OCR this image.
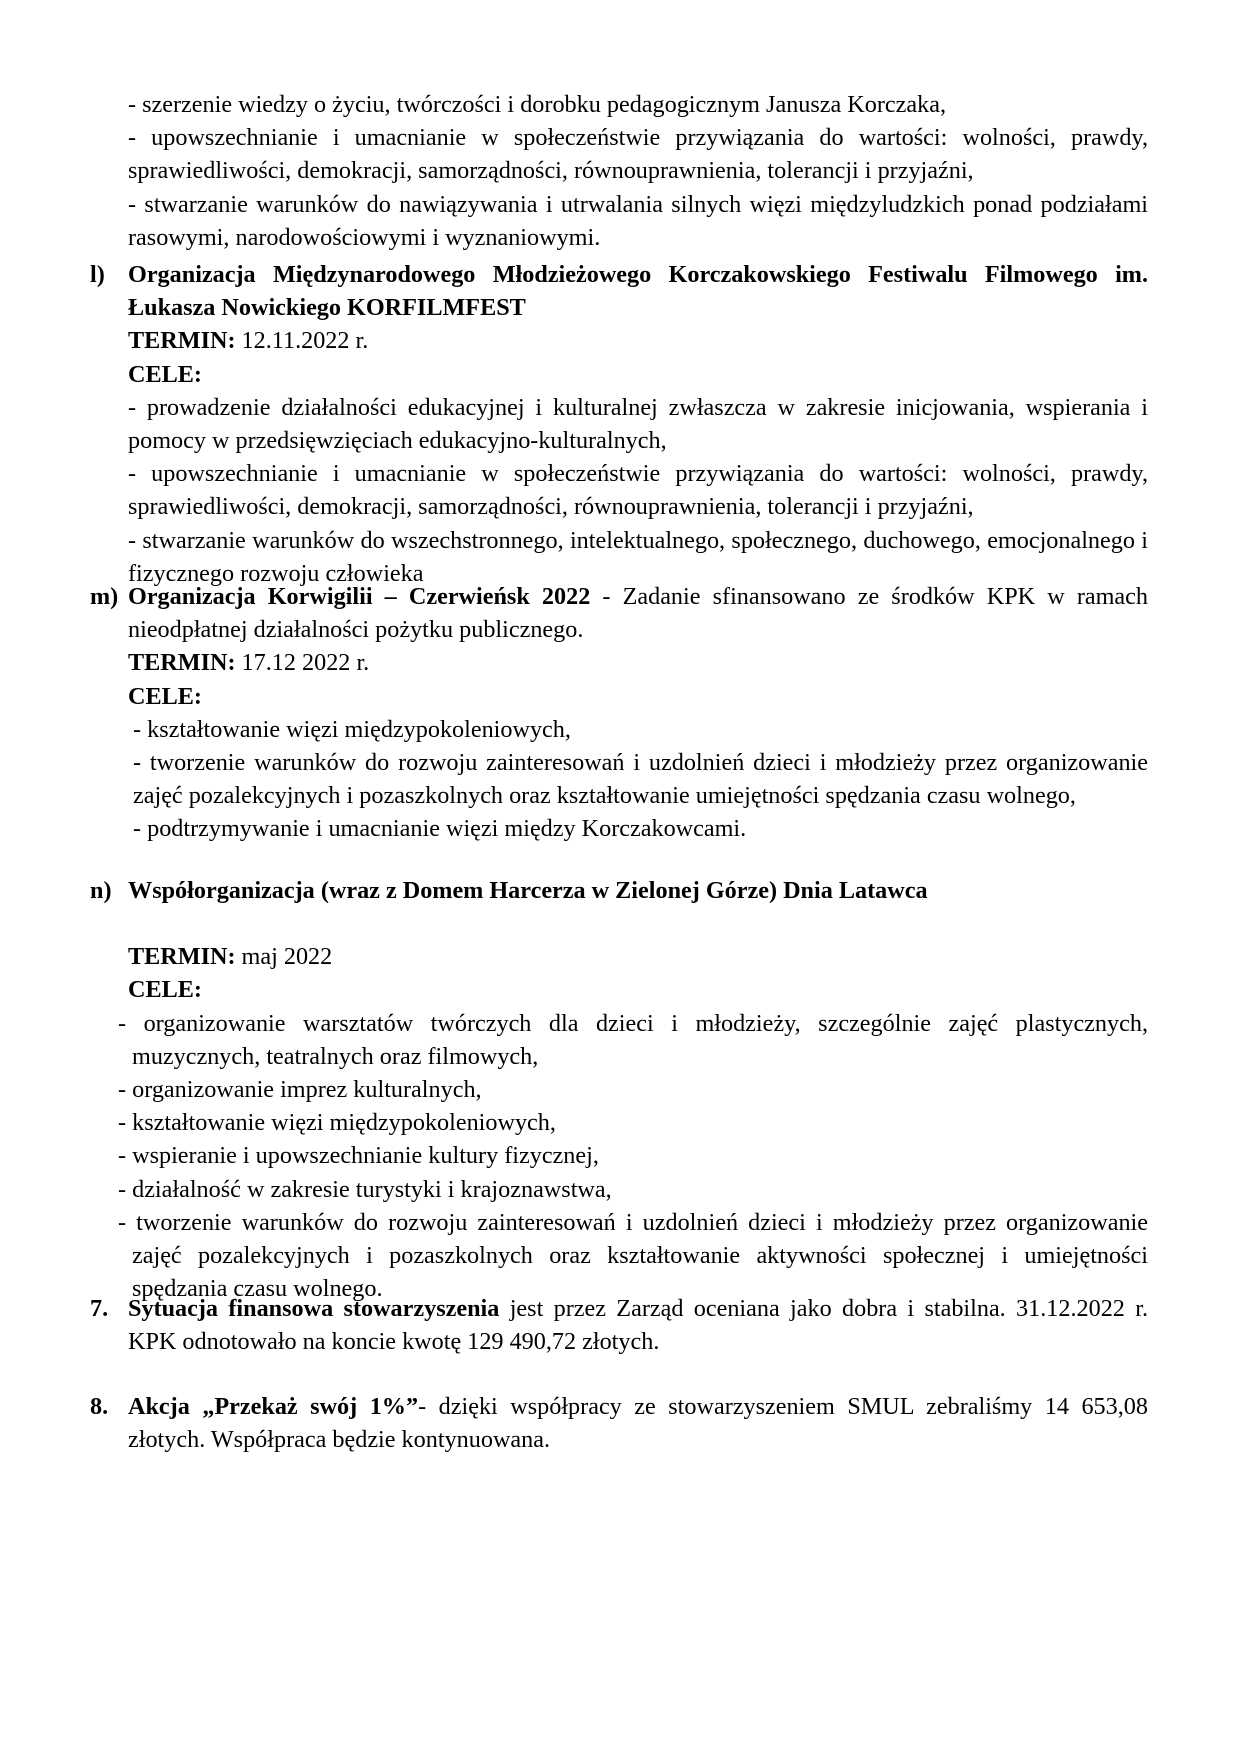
- szerzenie wiedzy o życiu, twórczości i dorobku pedagogicznym Janusza Korczaka,

- upowszechnianie i umacnianie w społeczeństwie przywiązania do wartości: wolności, prawdy, sprawiedliwości, demokracji, samorządności, równouprawnienia, tolerancji i przyjaźni,

- stwarzanie warunków do nawiązywania i utrwalania silnych więzi międzyludzkich ponad podziałami rasowymi, narodowościowymi i wyznaniowymi.

l) Organizacja Międzynarodowego Młodzieżowego Korczakowskiego Festiwalu Filmowego im. Łukasza Nowickiego KORFILMFEST

TERMIN: 12.11.2022 r.

CELE:

- prowadzenie działalności edukacyjnej i kulturalnej zwłaszcza w zakresie inicjowania, wspierania i pomocy w przedsięwzięciach edukacyjno-kulturalnych,

- upowszechnianie i umacnianie w społeczeństwie przywiązania do wartości: wolności, prawdy, sprawiedliwości, demokracji, samorządności, równouprawnienia, tolerancji i przyjaźni,

- stwarzanie warunków do wszechstronnego, intelektualnego, społecznego, duchowego, emocjonalnego i fizycznego rozwoju człowieka

m) Organizacja Korwigilii – Czerwieńsk 2022 - Zadanie sfinansowano ze środków KPK w ramach nieodpłatnej działalności pożytku publicznego.

TERMIN: 17.12 2022 r.

CELE:

- kształtowanie więzi międzypokoleniowych,

- tworzenie warunków do rozwoju zainteresowań i uzdolnień dzieci i młodzieży przez organizowanie zajęć pozalekcyjnych i pozaszkolnych oraz kształtowanie umiejętności spędzania czasu wolnego,

- podtrzymywanie i umacnianie więzi między Korczakowcami.

n) Współorganizacja (wraz z Domem Harcerza w Zielonej Górze) Dnia Latawca

TERMIN: maj 2022

CELE:

- organizowanie warsztatów twórczych dla dzieci i młodzieży, szczególnie zajęć plastycznych, muzycznych, teatralnych oraz filmowych,

- organizowanie imprez kulturalnych,

- kształtowanie więzi międzypokoleniowych,

- wspieranie i upowszechnianie kultury fizycznej,

- działalność w zakresie turystyki i krajoznawstwa,

- tworzenie warunków do rozwoju zainteresowań i uzdolnień dzieci i młodzieży przez organizowanie zajęć pozalekcyjnych i pozaszkolnych oraz kształtowanie aktywności społecznej i umiejętności spędzania czasu wolnego.

7. Sytuacja finansowa stowarzyszenia jest przez Zarząd oceniana jako dobra i stabilna. 31.12.2022 r. KPK odnotowało na koncie kwotę 129 490,72 złotych.

8. Akcja „Przekaż swój 1%”- dzięki współpracy ze stowarzyszeniem SMUL zebraliśmy 14 653,08 złotych. Współpraca będzie kontynuowana.
